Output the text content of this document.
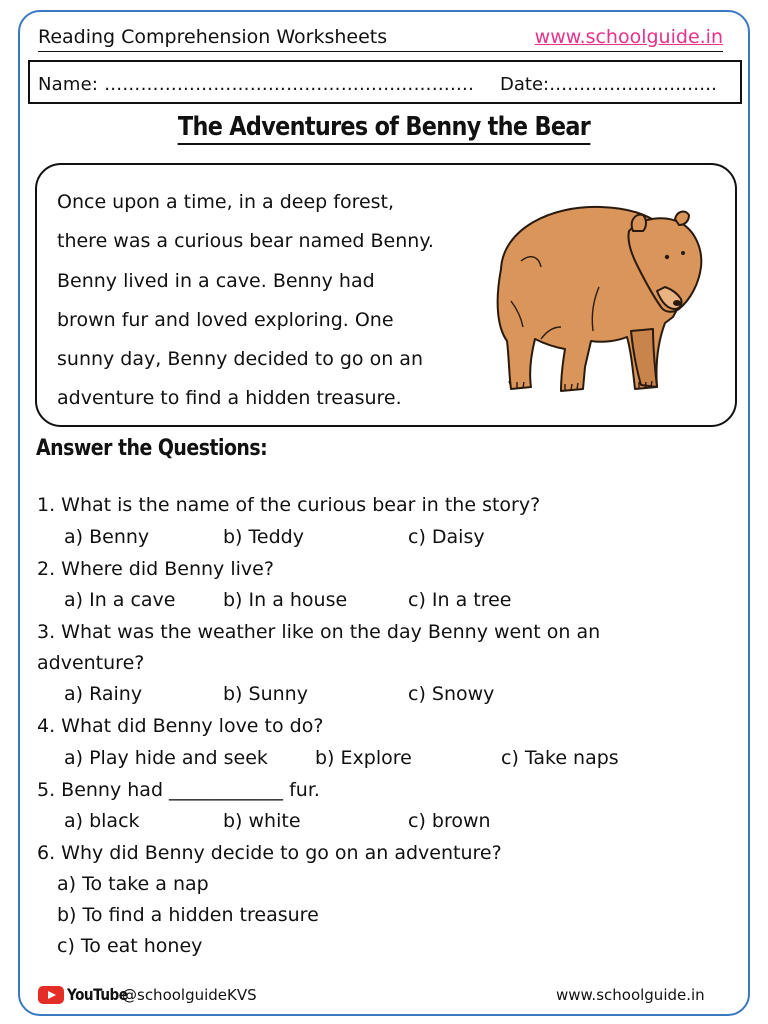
Reading Comprehension Worksheets	www.schoolguide.in
Name: ……………………………………………………. Date:……………………….
The Adventures of Benny the Bear
Once upon a time, in a deep forest,
there was a curious bear named Benny.
Benny lived in a cave. Benny had
brown fur and loved exploring. One
sunny day, Benny decided to go on an
adventure to find a hidden treasure.
Answer the Questions:
1. What is the name of the curious bear in the story?
a) Benny	b) Teddy	c) Daisy
2. Where did Benny live?
a) In a cave	b) In a house	c) In a tree
3. What was the weather like on the day Benny went on an
adventure?
a) Rainy	b) Sunny	c) Snowy
4. What did Benny love to do?
a) Play hide and seek b) Explore	c) Take naps
5. Benny had ____________ fur.
a) black	b) white	c) brown
6. Why did Benny decide to go on an adventure?
a) To take a nap
b) To find a hidden treasure
c) To eat honey
YouTube
@schoolguideKVS	www.schoolguide.in
